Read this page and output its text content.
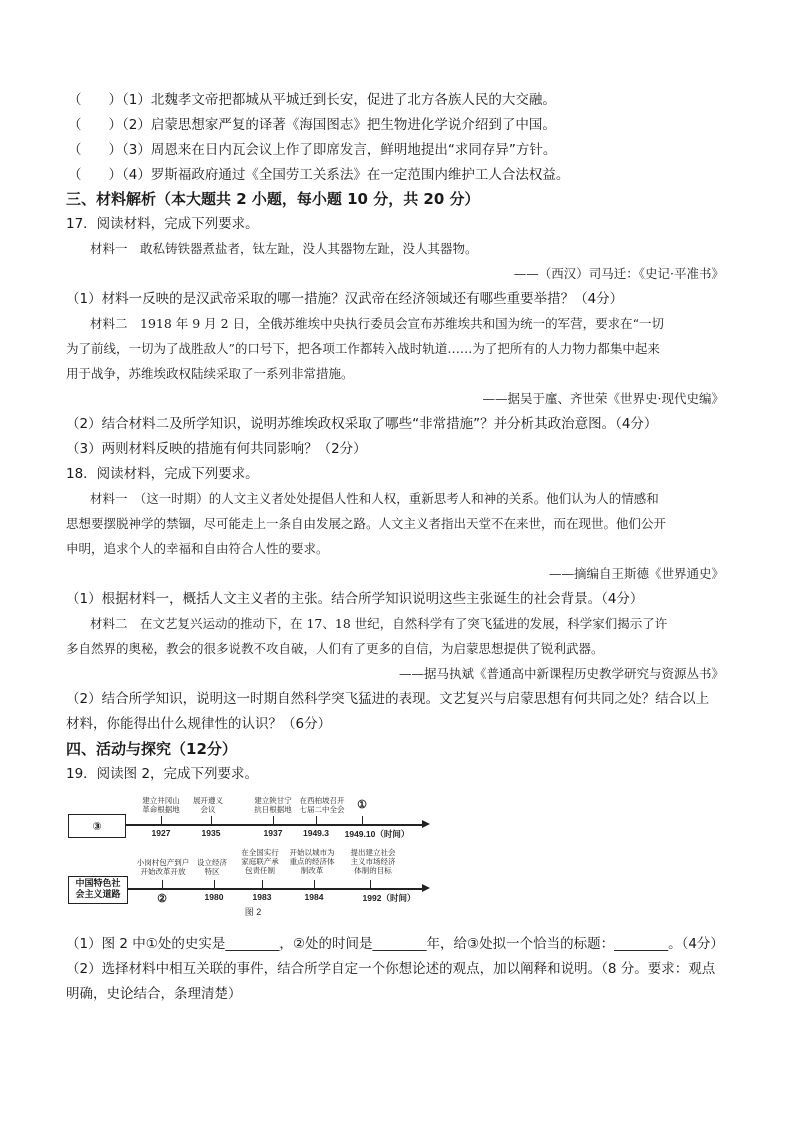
（　　）（1）北魏孝文帝把都城从平城迁到长安，促进了北方各族人民的大交融。
（　　）（2）启蒙思想家严复的译著《海国图志》把生物进化学说介绍到了中国。
（　　）（3）周恩来在日内瓦会议上作了即席发言，鲜明地提出“求同存异”方针。
（　　）（4）罗斯福政府通过《全国劳工关系法》在一定范围内维护工人合法权益。
三、材料解析（本大题共 2 小题，每小题 10 分，共 20 分）
17．阅读材料，完成下列要求。
材料一　敢私铸铁器煮盐者，钛左趾，没人其器物左趾，没人其器物。
——（西汉）司马迁：《史记·平准书》
（1）材料一反映的是汉武帝采取的哪一措施？汉武帝在经济领域还有哪些重要举措？（4分）
材料二　1918 年 9 月 2 日，全俄苏维埃中央执行委员会宣布苏维埃共和国为统一的军营，要求在“一切
为了前线，一切为了战胜敌人”的口号下，把各项工作都转入战时轨道……为了把所有的人力物力都集中起来
用于战争，苏维埃政权陆续采取了一系列非常措施。
——据吴于廑、齐世荣《世界史·现代史编》
（2）结合材料二及所学知识，说明苏维埃政权采取了哪些“非常措施”？并分析其政治意图。（4分）
（3）两则材料反映的措施有何共同影响？（2分）
18．阅读材料，完成下列要求。
材料一　（这一时期）的人文主义者处处提倡人性和人权，重新思考人和神的关系。他们认为人的情感和
思想要摆脱神学的禁锢，尽可能走上一条自由发展之路。人文主义者指出天堂不在来世，而在现世。他们公开
申明，追求个人的幸福和自由符合人性的要求。
——摘编自王斯德《世界通史》
（1）根据材料一，概括人文主义者的主张。结合所学知识说明这些主张诞生的社会背景。（4分）
材料二　在文艺复兴运动的推动下，在 17、18 世纪，自然科学有了突飞猛进的发展，科学家们揭示了许
多自然界的奥秘，教会的很多说教不攻自破，人们有了更多的自信，为启蒙思想提供了锐利武器。
——据马执斌《普通高中新课程历史教学研究与资源丛书》
（2）结合所学知识，说明这一时期自然科学突飞猛进的表现。文艺复兴与启蒙思想有何共同之处？结合以上
材料，你能得出什么规律性的认识？（6分）
四、活动与探究（12分）
19．阅读图 2，完成下列要求。
③
建立井冈山
革命根据地
1927
展开遵义
会议
1935
建立陕甘宁
抗日根据地
1937
在西柏坡召开
七届二中全会
1949.3
①
1949.10（时间）
中国特色社
会主义道路
小岗村包产到户
开始改革开放
②
设立经济
特区
1980
在全国实行
家庭联产承
包责任制
1983
开始以城市为
重点的经济体
制改革
1984
提出建立社会
主义市场经济
体制的目标
1992（时间）
图 2
（1）图 2 中①处的史实是________，②处的时间是________年，给③处拟一个恰当的标题：________。（4分）
（2）选择材料中相互关联的事件，结合所学自定一个你想论述的观点，加以阐释和说明。（8 分。要求：观点
明确，史论结合，条理清楚）
